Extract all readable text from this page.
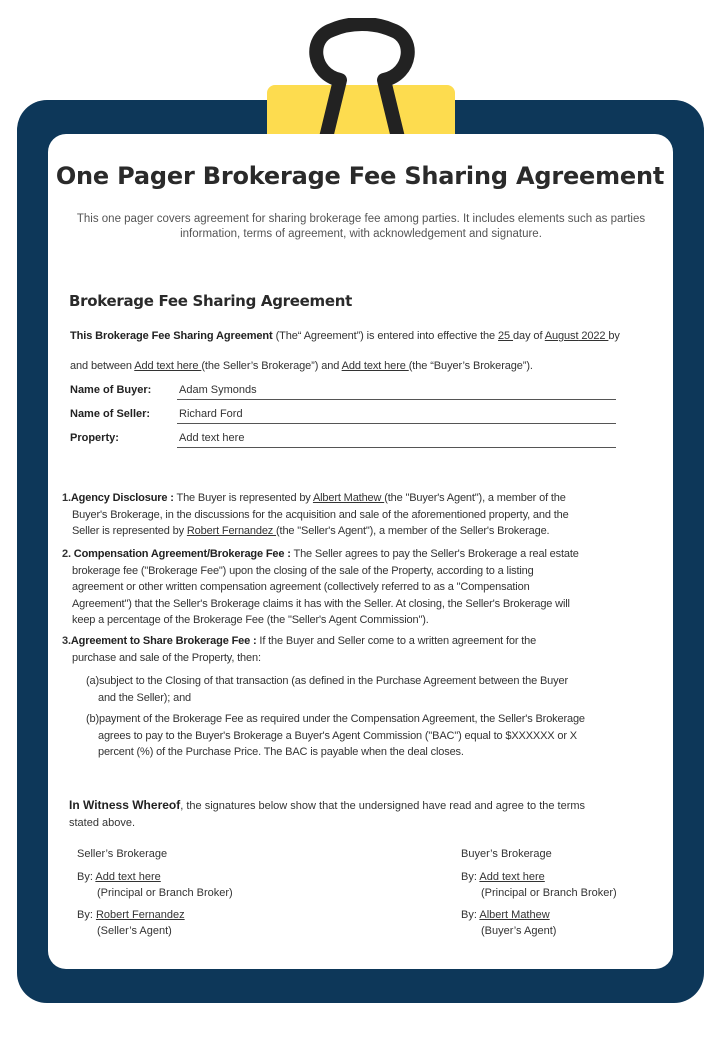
One Pager Brokerage Fee Sharing Agreement
This one pager covers agreement for sharing brokerage fee among parties. It includes elements such as parties
information, terms of agreement, with acknowledgement and signature.
Brokerage Fee Sharing Agreement
This Brokerage Fee Sharing Agreement (The“ Agreement”) is entered into effective the 25 day of August 2022 by
and between Add text here (the Seller’s Brokerage”) and Add text here (the “Buyer’s Brokerage”).
Name of Buyer:	Adam Symonds
Name of Seller:	Richard Ford
Property:	Add text here
1.Agency Disclosure : The Buyer is represented by Albert Mathew (the "Buyer's Agent"), a member of the
Buyer's Brokerage, in the discussions for the acquisition and sale of the aforementioned property, and the
Seller is represented by Robert Fernandez (the "Seller's Agent"), a member of the Seller's Brokerage.
2. Compensation Agreement/Brokerage Fee : The Seller agrees to pay the Seller's Brokerage a real estate
brokerage fee ("Brokerage Fee") upon the closing of the sale of the Property, according to a listing
agreement or other written compensation agreement (collectively referred to as a "Compensation
Agreement") that the Seller's Brokerage claims it has with the Seller. At closing, the Seller's Brokerage will
keep a percentage of the Brokerage Fee (the "Seller's Agent Commission").
3.Agreement to Share Brokerage Fee : If the Buyer and Seller come to a written agreement for the
purchase and sale of the Property, then:
(a)subject to the Closing of that transaction (as defined in the Purchase Agreement between the Buyer
and the Seller); and
(b)payment of the Brokerage Fee as required under the Compensation Agreement, the Seller's Brokerage
agrees to pay to the Buyer's Brokerage a Buyer's Agent Commission ("BAC") equal to $XXXXXX or X
percent (%) of the Purchase Price. The BAC is payable when the deal closes.
In Witness Whereof, the signatures below show that the undersigned have read and agree to the terms
stated above.
Seller’s Brokerage
By: Add text here
(Principal or Branch Broker)
By: Robert Fernandez
(Seller’s Agent)
Buyer’s Brokerage
By: Add text here
(Principal or Branch Broker)
By: Albert Mathew
(Buyer’s Agent)
